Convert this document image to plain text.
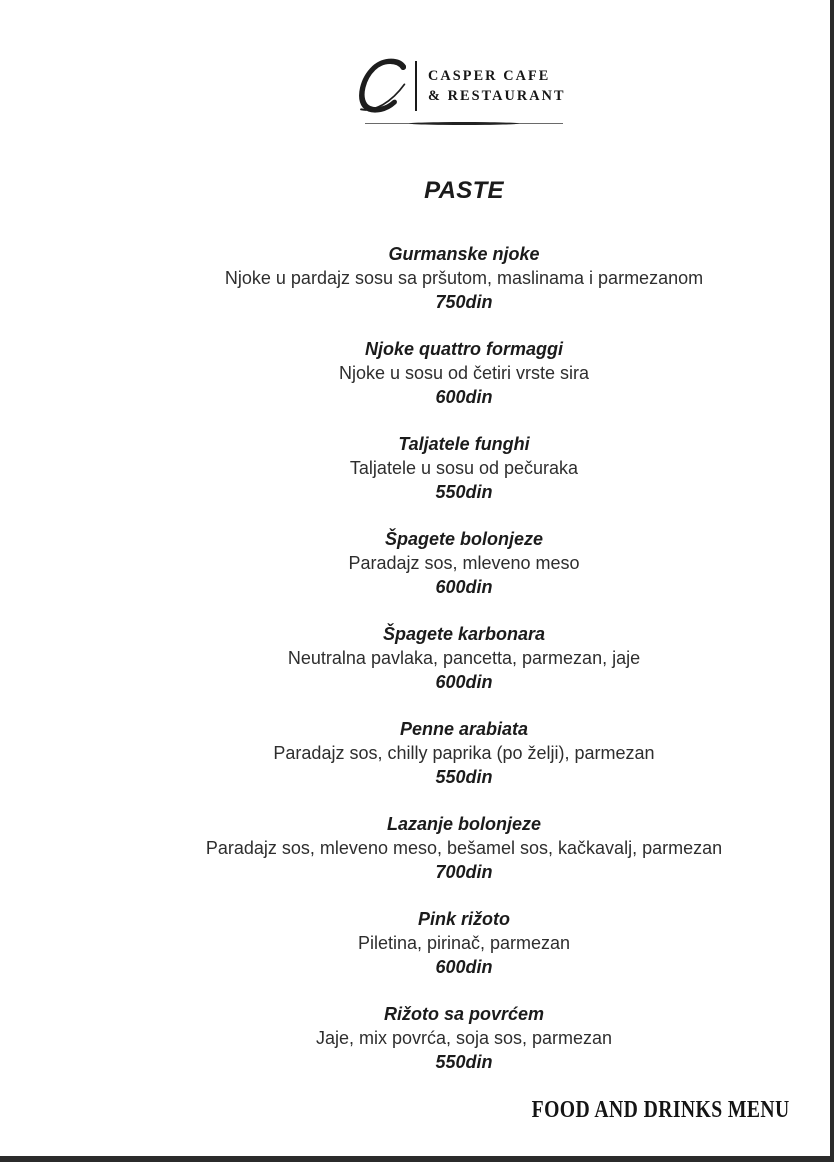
CASPER CAFE
& RESTAURANT
PASTE
Gurmanske njoke
Njoke u pardajz sosu sa pršutom, maslinama i parmezanom
750din
Njoke quattro formaggi
Njoke u sosu od četiri vrste sira
600din
Taljatele funghi
Taljatele u sosu od pečuraka
550din
Špagete bolonjeze
Paradajz sos, mleveno meso
600din
Špagete karbonara
Neutralna pavlaka, pancetta, parmezan, jaje
600din
Penne arabiata
Paradajz sos, chilly paprika (po želji), parmezan
550din
Lazanje bolonjeze
Paradajz sos, mleveno meso, bešamel sos, kačkavalj, parmezan
700din
Pink rižoto
Piletina, pirinač, parmezan
600din
Rižoto sa povrćem
Jaje, mix povrća, soja sos, parmezan
550din
FOOD AND DRINKS MENU
